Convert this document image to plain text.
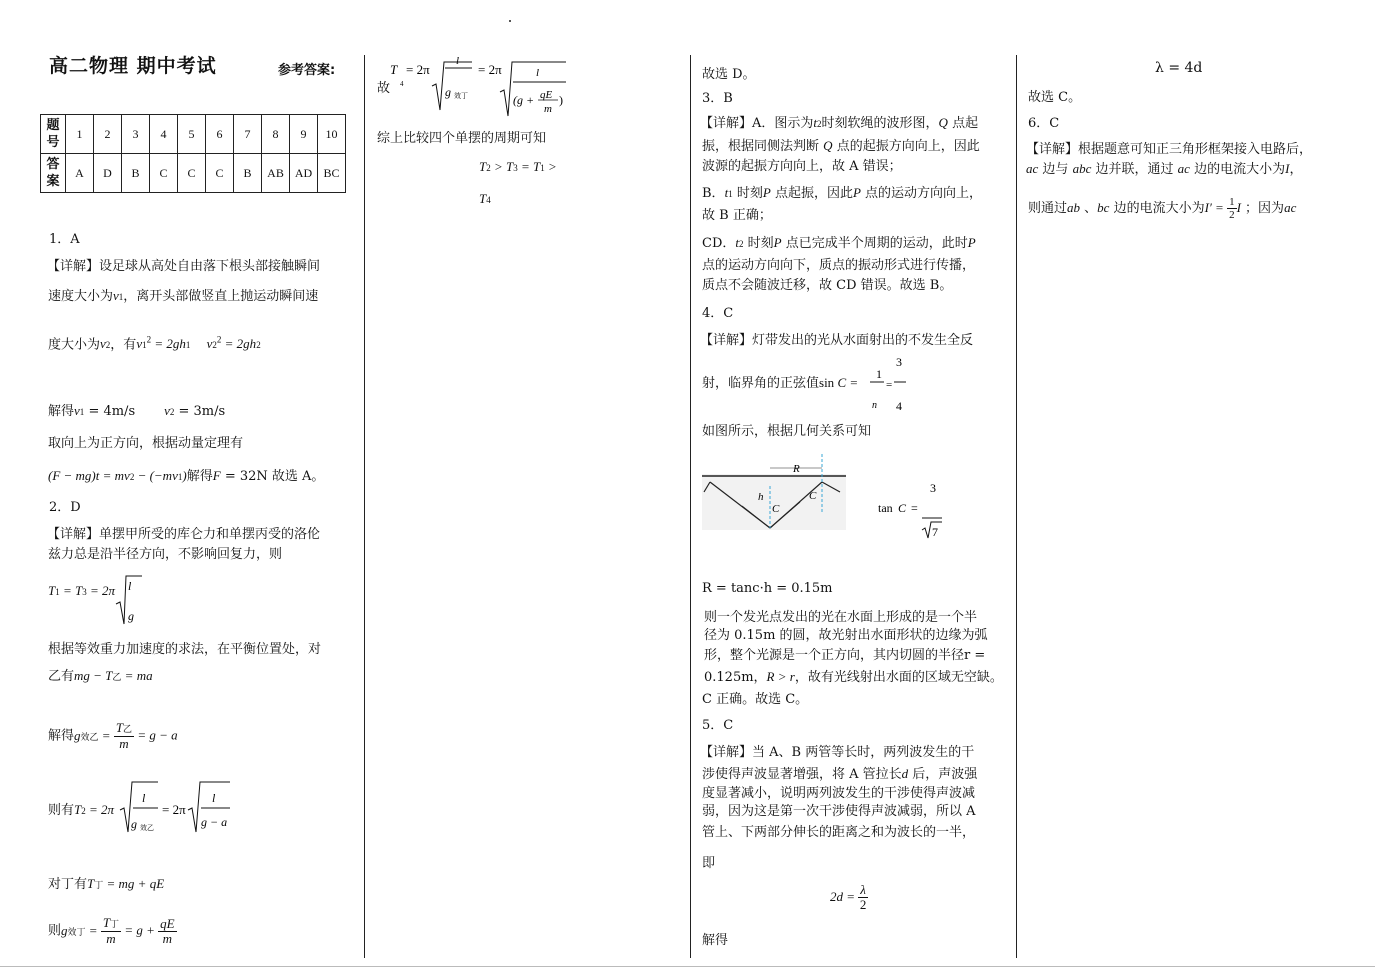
高二物理 期中考试	参考答案:
题号	1	2	3	4	5	6	7	8	9	10
答案	A	D	B	C	C	C	B	AB	AD	BC
1．A
【详解】设足球从高处自由落下根头部接触瞬间
速度大小为v1，离开头部做竖直上抛运动瞬间速
度大小为v2，有$v1^2 = 2gh1$     $v2^2 = 2gh2$
解得v1 = 4m/s v2 = 3m/s
取向上为正方向，根据动量定理有
(F − mg)t = mv2 − (−mv1)解得F = 32N 故选 A。
2．D
【详解】单摆甲所受的库仑力和单摆丙受的洛伦
兹力总是沿半径方向，不影响回复力，则
T1 = T3 = 2π l
g
根据等效重力加速度的求法，在平衡位置处，对
乙有mg − T乙 = ma
解得g效乙 = $\frac{\text{T乙}}{m} = g - a$
则有T2 = 2π
l
g 效乙
= 2π
l
g − a
对丁有T丁 = mg + qE
则g效丁 = $\frac{\text{T丁}}{m} = g + \frac{qE}{m}$
故
T
4
= 2π
l
g 效丁
= 2π	l
(g + qE
m
)
综上比较四个单摆的周期可知
T2 > T3 = T1 >
T4
故选 D。
3．B
【详解】A．图示为t2时刻软绳的波形图，Q 点起
振，根据同侧法判断 Q 点的起振方向向上，因此
波源的起振方向向上，故 A 错误；
B．t1 时刻P 点起振，因此P 点的运动方向向上，
故 B 正确；
CD．t2 时刻P 点已完成半个周期的运动，此时P
点的运动方向向下，质点的振动形式进行传播，
质点不会随波迁移，故 CD 错误。故选 B。
4．C
【详解】灯带发出的光从水面射出的不发生全反
射，临界角的正弦值sin C =
1
n
=
3
4
如图所示，根据几何关系可知
R
h
C
C
tan C =
3
7
R = tanc·h = 0.15m
则一个发光点发出的光在水面上形成的是一个半
径为 0.15m 的圆，故光射出水面形状的边缘为弧
形，整个光源是一个正方向，其内切圆的半径r =
0.125m，R > r，故有光线射出水面的区域无空缺。
C 正确。故选 C。
5．C
【详解】当 A、B 两管等长时，两列波发生的干
涉使得声波显著增强，将 A 管拉长d 后，声波强
度显著减小，说明两列波发生的干涉使得声波减
弱，因为这是第一次干涉使得声波减弱，所以 A
管上、下两部分伸长的距离之和为波长的一半，
即
$2d = \frac{\lambda}{2}$
解得
λ = 4d
故选 C。
6．C
【详解】根据题意可知正三角形框架接入电路后，
ac 边与 abc 边并联，通过 ac 边的电流大小为I，
则通过ab 、bc 边的电流大小为$I' = \frac{1}{2}$ I ；因为ac
